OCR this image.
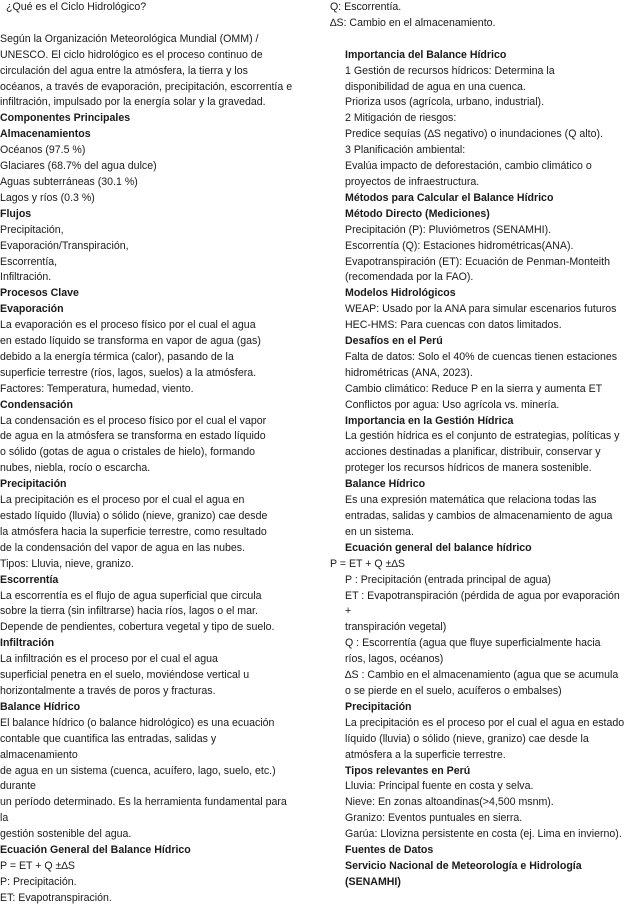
¿Qué es el Ciclo Hidrológico?

Según la Organización Meteorológica Mundial (OMM) /
UNESCO. El ciclo hidrológico es el proceso continuo de
circulación del agua entre la atmósfera, la tierra y los
océanos, a través de evaporación, precipitación, escorrentía e
infiltración, impulsado por la energía solar y la gravedad.
Componentes Principales
Almacenamientos
Océanos (97.5 %)
Glaciares (68.7% del agua dulce)
Aguas subterráneas (30.1 %)
Lagos y ríos (0.3 %)
Flujos
Precipitación,
Evaporación/Transpiración,
Escorrentía,
Infiltración.
Procesos Clave
Evaporación
La evaporación es el proceso físico por el cual el agua
en estado líquido se transforma en vapor de agua (gas)
debido a la energía térmica (calor), pasando de la
superficie terrestre (ríos, lagos, suelos) a la atmósfera.
Factores: Temperatura, humedad, viento.
Condensación
La condensación es el proceso físico por el cual el vapor
de agua en la atmósfera se transforma en estado líquido
o sólido (gotas de agua o cristales de hielo), formando
nubes, niebla, rocío o escarcha.
Precipitación
La precipitación es el proceso por el cual el agua en
estado líquido (lluvia) o sólido (nieve, granizo) cae desde
la atmósfera hacia la superficie terrestre, como resultado
de la condensación del vapor de agua en las nubes.
Tipos: Lluvia, nieve, granizo.
Escorrentía
La escorrentía es el flujo de agua superficial que circula
sobre la tierra (sin infiltrarse) hacia ríos, lagos o el mar.
Depende de pendientes, cobertura vegetal y tipo de suelo.
Infiltración
La infiltración es el proceso por el cual el agua
superficial penetra en el suelo, moviéndose vertical u
horizontalmente a través de poros y fracturas.
Balance Hídrico
El balance hídrico (o balance hidrológico) es una ecuación
contable que cuantifica las entradas, salidas y
almacenamiento
de agua en un sistema (cuenca, acuífero, lago, suelo, etc.)
durante
un período determinado. Es la herramienta fundamental para
la
gestión sostenible del agua.
Ecuación General del Balance Hídrico
P = ET + Q ±∆S
P: Precipitación.
ET: Evapotranspiración.
Q: Escorrentía.
∆S: Cambio en el almacenamiento.

Importancia del Balance Hídrico
1 Gestión de recursos hídricos: Determina la
disponibilidad de agua en una cuenca.
Prioriza usos (agrícola, urbano, industrial).
2 Mitigación de riesgos:
Predice sequías (∆S negativo) o inundaciones (Q alto).
3 Planificación ambiental:
Evalúa impacto de deforestación, cambio climático o
proyectos de infraestructura.
Métodos para Calcular el Balance Hídrico
Método Directo (Mediciones)
Precipitación (P): Pluviómetros (SENAMHI).
Escorrentía (Q): Estaciones hidrométricas(ANA).
Evapotranspiración (ET): Ecuación de Penman-Monteith
(recomendada por la FAO).
Modelos Hidrológicos
WEAP: Usado por la ANA para simular escenarios futuros
HEC-HMS: Para cuencas con datos limitados.
Desafíos en el Perú
Falta de datos: Solo el 40% de cuencas tienen estaciones
hidrométricas (ANA, 2023).
Cambio climático: Reduce P en la sierra y aumenta ET
Conflictos por agua: Uso agrícola vs. minería.
Importancia en la Gestión Hídrica
La gestión hídrica es el conjunto de estrategias, políticas y
acciones destinadas a planificar, distribuir, conservar y
proteger los recursos hídricos de manera sostenible.
Balance Hídrico
Es una expresión matemática que relaciona todas las
entradas, salidas y cambios de almacenamiento de agua
en un sistema.
Ecuación general del balance hídrico
P = ET + Q ±∆S
P : Precipitación (entrada principal de agua)
ET : Evapotranspiración (pérdida de agua por evaporación
+
transpiración vegetal)
Q : Escorrentía (agua que fluye superficialmente hacia
ríos, lagos, océanos)
∆S : Cambio en el almacenamiento (agua que se acumula
o se pierde en el suelo, acuíferos o embalses)
Precipitación
La precipitación es el proceso por el cual el agua en estado
líquido (lluvia) o sólido (nieve, granizo) cae desde la
atmósfera a la superficie terrestre.
Tipos relevantes en Perú
Lluvia: Principal fuente en costa y selva.
Nieve: En zonas altoandinas(>4,500 msnm).
Granizo: Eventos puntuales en sierra.
Garúa: Llovizna persistente en costa (ej. Lima en invierno).
Fuentes de Datos
Servicio Nacional de Meteorología e Hidrología
(SENAMHI)
